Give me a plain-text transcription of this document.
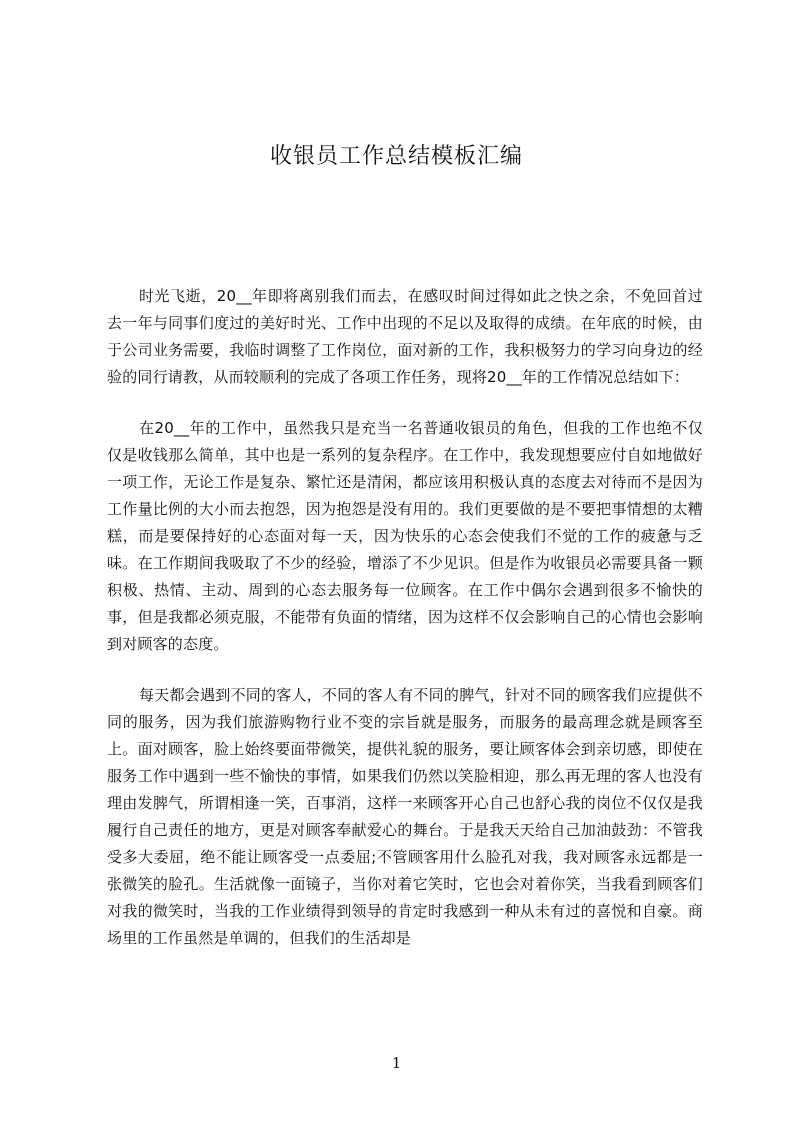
收银员工作总结模板汇编

时光飞逝，20__年即将离别我们而去，在感叹时间过得如此之快之余，不免回首过去一年与同事们度过的美好时光、工作中出现的不足以及取得的成绩。在年底的时候，由于公司业务需要，我临时调整了工作岗位，面对新的工作，我积极努力的学习向身边的经验的同行请教，从而较顺利的完成了各项工作任务，现将20__年的工作情况总结如下：

在20__年的工作中，虽然我只是充当一名普通收银员的角色，但我的工作也绝不仅仅是收钱那么简单，其中也是一系列的复杂程序。在工作中，我发现想要应付自如地做好一项工作，无论工作是复杂、繁忙还是清闲，都应该用积极认真的态度去对待而不是因为工作量比例的大小而去抱怨，因为抱怨是没有用的。我们更要做的是不要把事情想的太糟糕，而是要保持好的心态面对每一天，因为快乐的心态会使我们不觉的工作的疲惫与乏味。在工作期间我吸取了不少的经验，增添了不少见识。但是作为收银员必需要具备一颗积极、热情、主动、周到的心态去服务每一位顾客。在工作中偶尔会遇到很多不愉快的事，但是我都必须克服，不能带有负面的情绪，因为这样不仅会影响自己的心情也会影响到对顾客的态度。

每天都会遇到不同的客人，不同的客人有不同的脾气，针对不同的顾客我们应提供不同的服务，因为我们旅游购物行业不变的宗旨就是服务，而服务的最高理念就是顾客至上。面对顾客，脸上始终要面带微笑，提供礼貌的服务，要让顾客体会到亲切感，即使在服务工作中遇到一些不愉快的事情，如果我们仍然以笑脸相迎，那么再无理的客人也没有理由发脾气，所谓相逢一笑，百事消，这样一来顾客开心自己也舒心我的岗位不仅仅是我履行自己责任的地方，更是对顾客奉献爱心的舞台。于是我天天给自己加油鼓劲：不管我受多大委屈，绝不能让顾客受一点委屈;不管顾客用什么脸孔对我，我对顾客永远都是一张微笑的脸孔。生活就像一面镜子，当你对着它笑时，它也会对着你笑，当我看到顾客们对我的微笑时，当我的工作业绩得到领导的肯定时我感到一种从未有过的喜悦和自豪。商场里的工作虽然是单调的，但我们的生活却是

1
